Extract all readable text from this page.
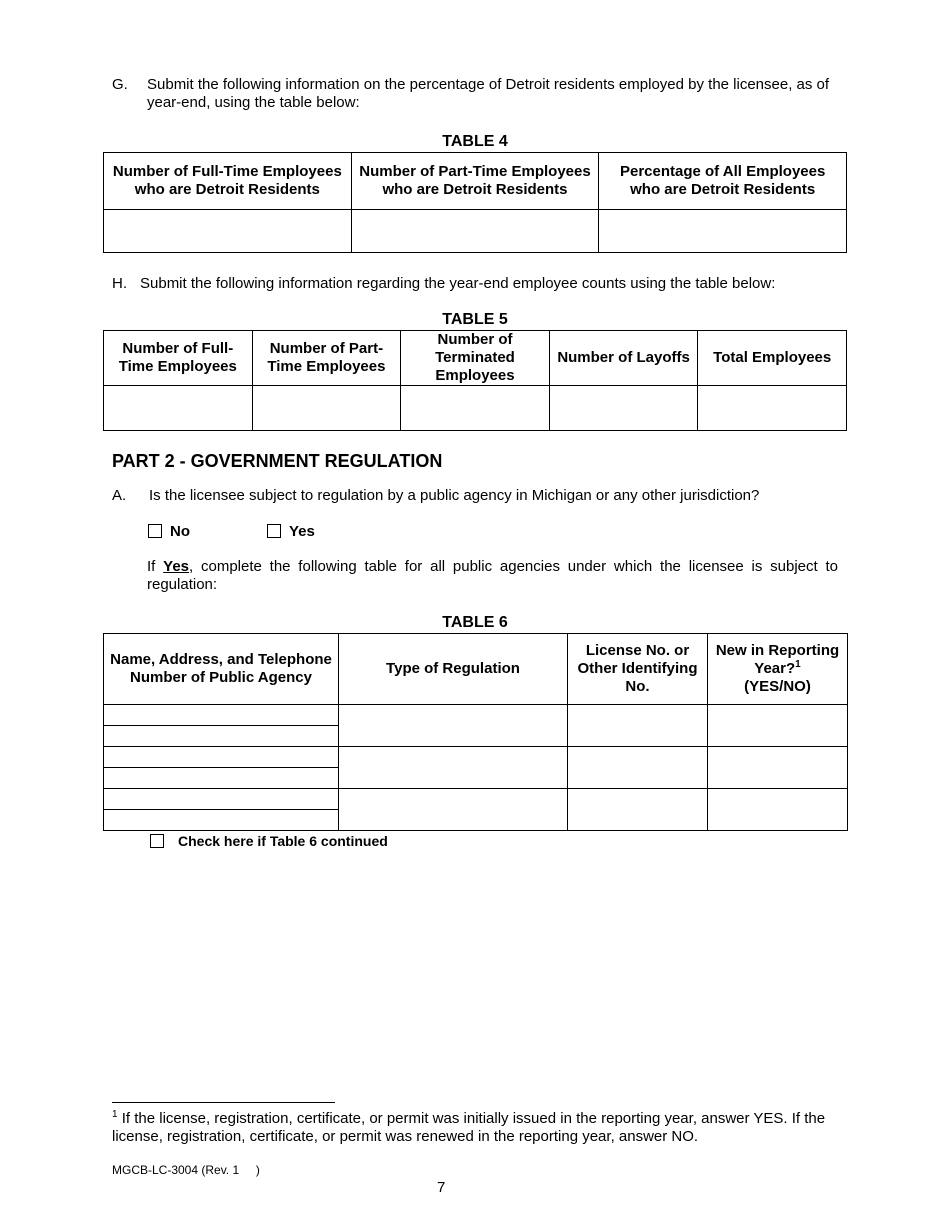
G. Submit the following information on the percentage of Detroit residents employed by the licensee, as of year-end, using the table below:
TABLE 4
Number of Full-Time Employees who are Detroit Residents	Number of Part-Time Employees who are Detroit Residents	Percentage of All Employees who are Detroit Residents

H. Submit the following information regarding the year-end employee counts using the table below:
TABLE 5
Number of Full-Time Employees	Number of Part-Time Employees	Number of Terminated Employees	Number of Layoffs	Total Employees

PART 2 - GOVERNMENT REGULATION
A. Is the licensee subject to regulation by a public agency in Michigan or any other jurisdiction?
No	Yes
If Yes, complete the following table for all public agencies under which the licensee is subject to regulation:
TABLE 6
Name, Address, and Telephone Number of Public Agency	Type of Regulation	License No. or Other Identifying No.	New in Reporting Year?$^1$
(YES/NO)

Check here if Table 6 continued
$^1$ If the license, registration, certificate, or permit was initially issued in the reporting year, answer YES. If the license, registration, certificate, or permit was renewed in the reporting year, answer NO.
MGCB-LC-3004 (Rev. 1     )
7
